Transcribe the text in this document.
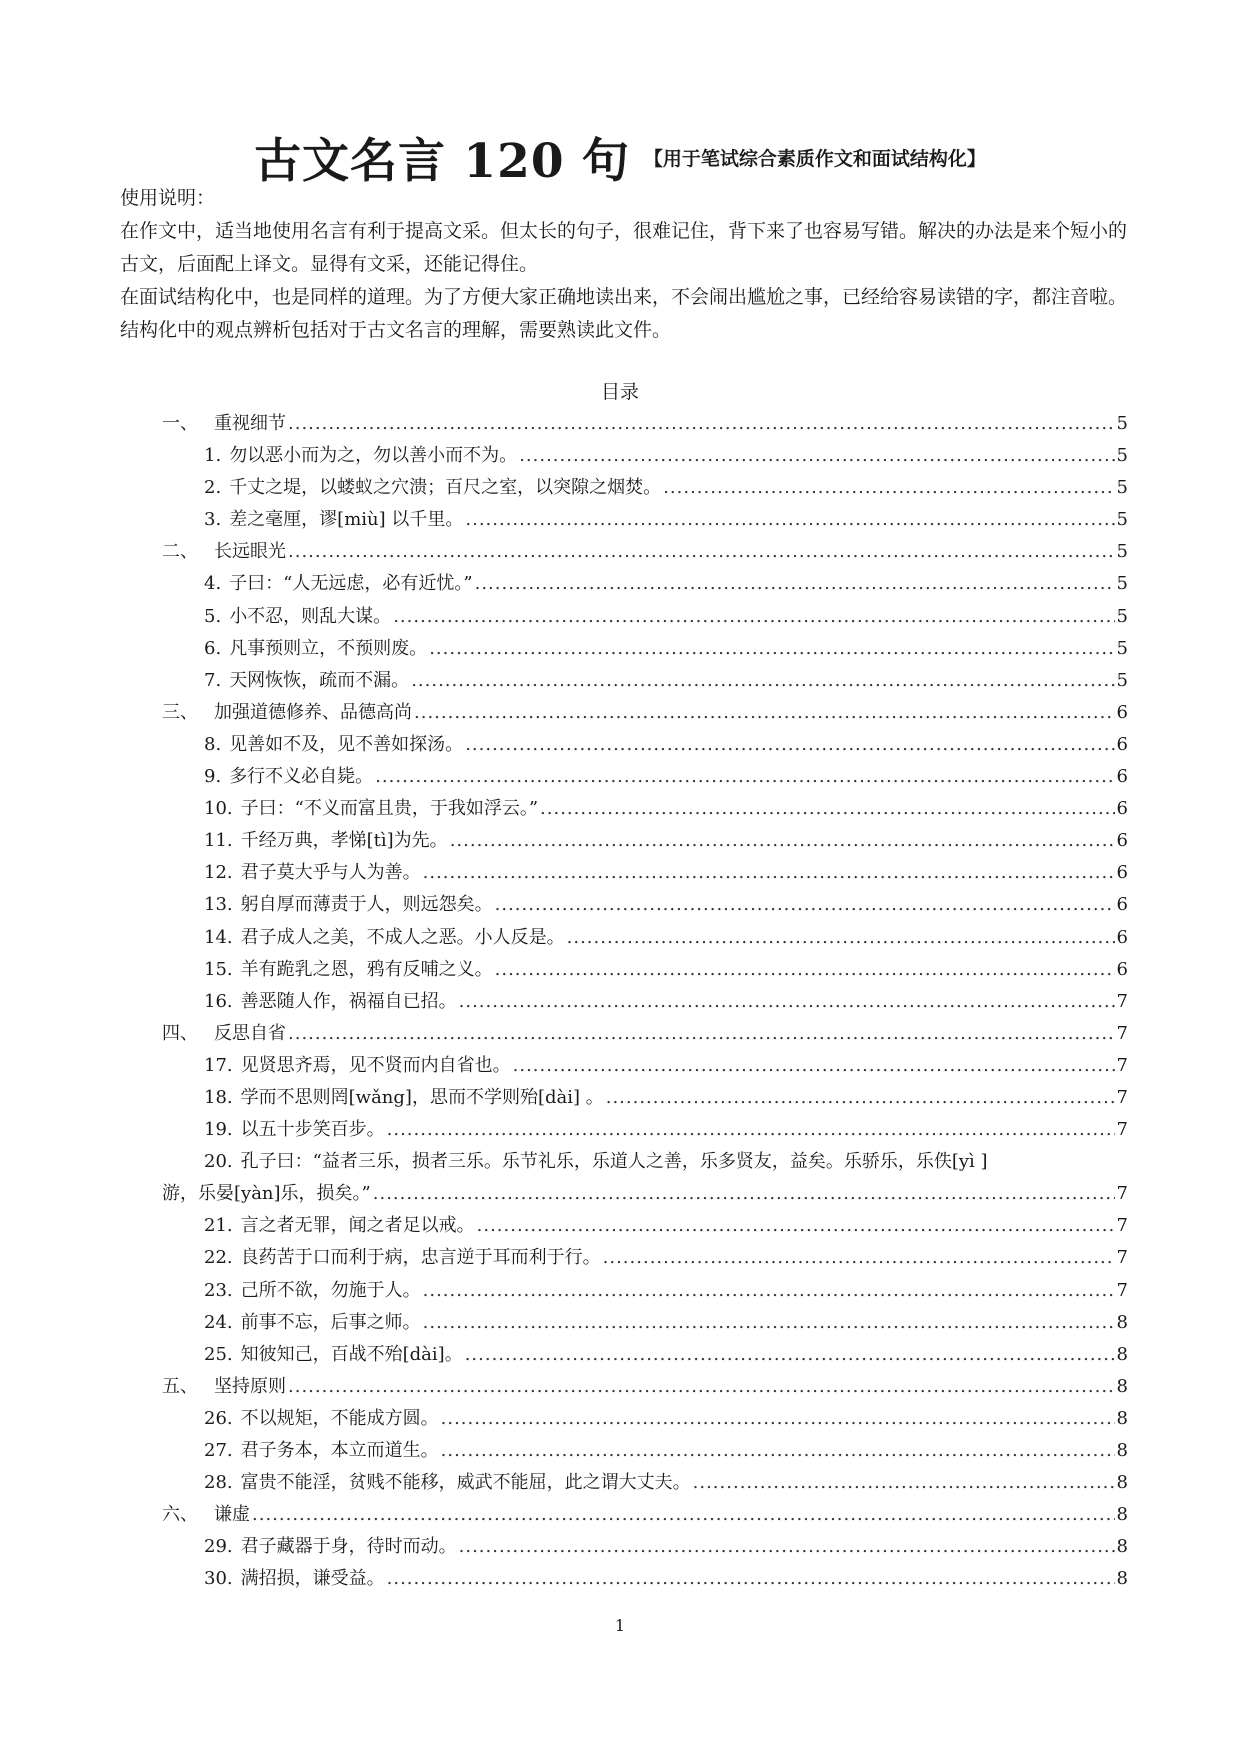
古文名言 120 句 【用于笔试综合素质作文和面试结构化】

使用说明：

在作文中，适当地使用名言有利于提高文采。但太长的句子，很难记住，背下来了也容易写错。解决的办法是来个短小的古文，后面配上译文。显得有文采，还能记得住。

在面试结构化中，也是同样的道理。为了方便大家正确地读出来，不会闹出尴尬之事，已经给容易读错的字，都注音啦。结构化中的观点辨析包括对于古文名言的理解，需要熟读此文件。

目录
一、 重视细节 .....	5
1. 勿以恶小而为之，勿以善小而不为。 .....	5
2. 千丈之堤，以蝼蚁之穴溃；百尺之室，以突隙之烟焚。 .....	5
3. 差之毫厘，谬[miù] 以千里。 .....	5
二、 长远眼光 .....	5
4. 子曰：“人无远虑，必有近忧。” .....	5
5. 小不忍，则乱大谋。 .....	5
6. 凡事预则立，不预则废。 .....	5
7. 天网恢恢，疏而不漏。 .....	5
三、 加强道德修养、品德高尚 .....	6
8. 见善如不及，见不善如探汤。 .....	6
9. 多行不义必自毙。 .....	6
10. 子曰：“不义而富且贵，于我如浮云。” .....	6
11. 千经万典，孝悌[tì]为先。 .....	6
12. 君子莫大乎与人为善。 .....	6
13. 躬自厚而薄责于人，则远怨矣。 .....	6
14. 君子成人之美，不成人之恶。小人反是。 .....	6
15. 羊有跪乳之恩，鸦有反哺之义。 .....	6
16. 善恶随人作，祸福自已招。 .....	7
四、 反思自省 .....	7
17. 见贤思齐焉，见不贤而内自省也。 .....	7
18. 学而不思则罔[wǎng]，思而不学则殆[dài] 。 .....	7
19. 以五十步笑百步。 .....	7
20. 孔子曰：“益者三乐，损者三乐。乐节礼乐，乐道人之善，乐多贤友，益矣。乐骄乐，乐佚[yì ]
游，乐晏[yàn]乐，损矣。” .....	7
21. 言之者无罪，闻之者足以戒。 .....	7
22. 良药苦于口而利于病，忠言逆于耳而利于行。 .....	7
23. 己所不欲，勿施于人。 .....	7
24. 前事不忘，后事之师。 .....	8
25. 知彼知己，百战不殆[dài]。 .....	8
五、 坚持原则 .....	8
26. 不以规矩，不能成方圆。 .....	8
27. 君子务本，本立而道生。 .....	8
28. 富贵不能淫，贫贱不能移，威武不能屈，此之谓大丈夫。 .....	8
六、 谦虚 .....	8
29. 君子藏器于身，待时而动。 .....	8
30. 满招损，谦受益。 .....	8
1
